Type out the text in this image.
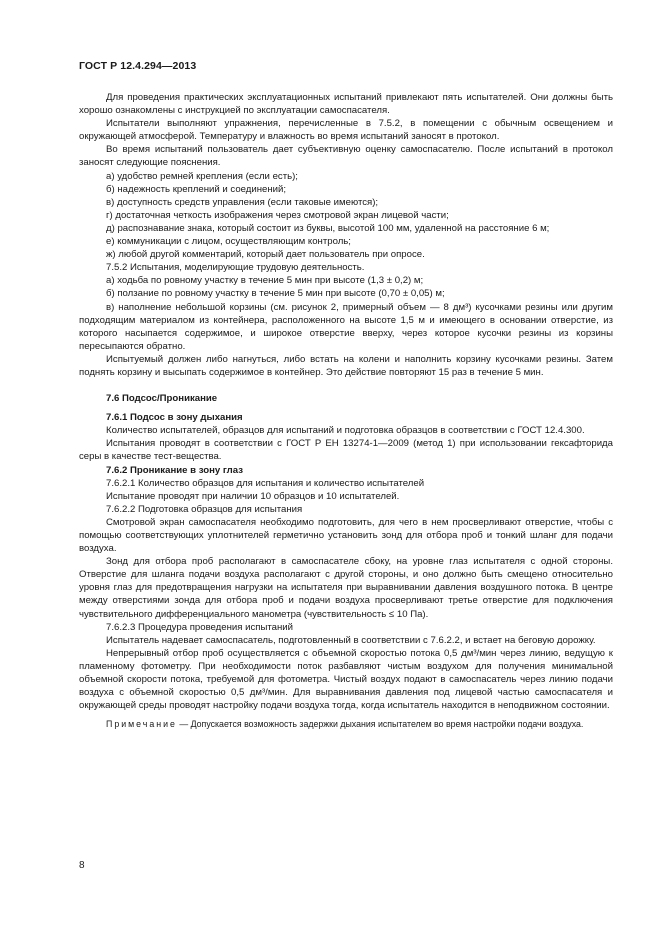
ГОСТ Р 12.4.294—2013

Для проведения практических эксплуатационных испытаний привлекают пять испытателей. Они должны быть хорошо ознакомлены с инструкцией по эксплуатации самоспасателя.

Испытатели выполняют упражнения, перечисленные в 7.5.2, в помещении с обычным освещением и окружающей атмосферой. Температуру и влажность во время испытаний заносят в протокол.

Во время испытаний пользователь дает субъективную оценку самоспасателю. После испытаний в протокол заносят следующие пояснения.

а) удобство ремней крепления (если есть);

б) надежность креплений и соединений;

в) доступность средств управления (если таковые имеются);

г) достаточная четкость изображения через смотровой экран лицевой части;

д) распознавание знака, который состоит из буквы, высотой 100 мм, удаленной на расстояние 6 м;

е) коммуникации с лицом, осуществляющим контроль;

ж) любой другой комментарий, который дает пользователь при опросе.

7.5.2 Испытания, моделирующие трудовую деятельность.

а) ходьба по ровному участку в течение 5 мин при высоте (1,3 ± 0,2) м;

б) ползание по ровному участку в течение 5 мин при высоте (0,70 ± 0,05) м;

в) наполнение небольшой корзины (см. рисунок 2, примерный объем — 8 дм³) кусочками резины или другим подходящим материалом из контейнера, расположенного на высоте 1,5 м и имеющего в основании отверстие, из которого насыпается содержимое, и широкое отверстие вверху, через которое кусочки резины из корзины пересыпаются обратно.

Испытуемый должен либо нагнуться, либо встать на колени и наполнить корзину кусочками резины. Затем поднять корзину и высыпать содержимое в контейнер. Это действие повторяют 15 раз в течение 5 мин.

7.6 Подсос/Проникание

7.6.1 Подсос в зону дыхания

Количество испытателей, образцов для испытаний и подготовка образцов в соответствии с ГОСТ 12.4.300.

Испытания проводят в соответствии с ГОСТ Р ЕН 13274-1—2009 (метод 1) при использовании гексафторида серы в качестве тест-вещества.

7.6.2 Проникание в зону глаз

7.6.2.1 Количество образцов для испытания и количество испытателей

Испытание проводят при наличии 10 образцов и 10 испытателей.

7.6.2.2 Подготовка образцов для испытания

Смотровой экран самоспасателя необходимо подготовить, для чего в нем просверливают отверстие, чтобы с помощью соответствующих уплотнителей герметично установить зонд для отбора проб и тонкий шланг для подачи воздуха.

Зонд для отбора проб располагают в самоспасателе сбоку, на уровне глаз испытателя с одной стороны. Отверстие для шланга подачи воздуха располагают с другой стороны, и оно должно быть смещено относительно уровня глаз для предотвращения нагрузки на испытателя при выравнивании давления воздушного потока. В центре между отверстиями зонда для отбора проб и подачи воздуха просверливают третье отверстие для подключения чувствительного дифференциального манометра (чувствительность ≤ 10 Па).

7.6.2.3 Процедура проведения испытаний

Испытатель надевает самоспасатель, подготовленный в соответствии с 7.6.2.2, и встает на беговую дорожку.

Непрерывный отбор проб осуществляется с объемной скоростью потока 0,5 дм³/мин через линию, ведущую к пламенному фотометру. При необходимости поток разбавляют чистым воздухом для получения минимальной объемной скорости потока, требуемой для фотометра. Чистый воздух подают в самоспасатель через линию подачи воздуха с объемной скоростью 0,5 дм³/мин. Для выравнивания давления под лицевой частью самоспасателя и окружающей среды проводят настройку подачи воздуха тогда, когда испытатель находится в неподвижном состоянии.

Примечание — Допускается возможность задержки дыхания испытателем во время настройки подачи воздуха.

8
